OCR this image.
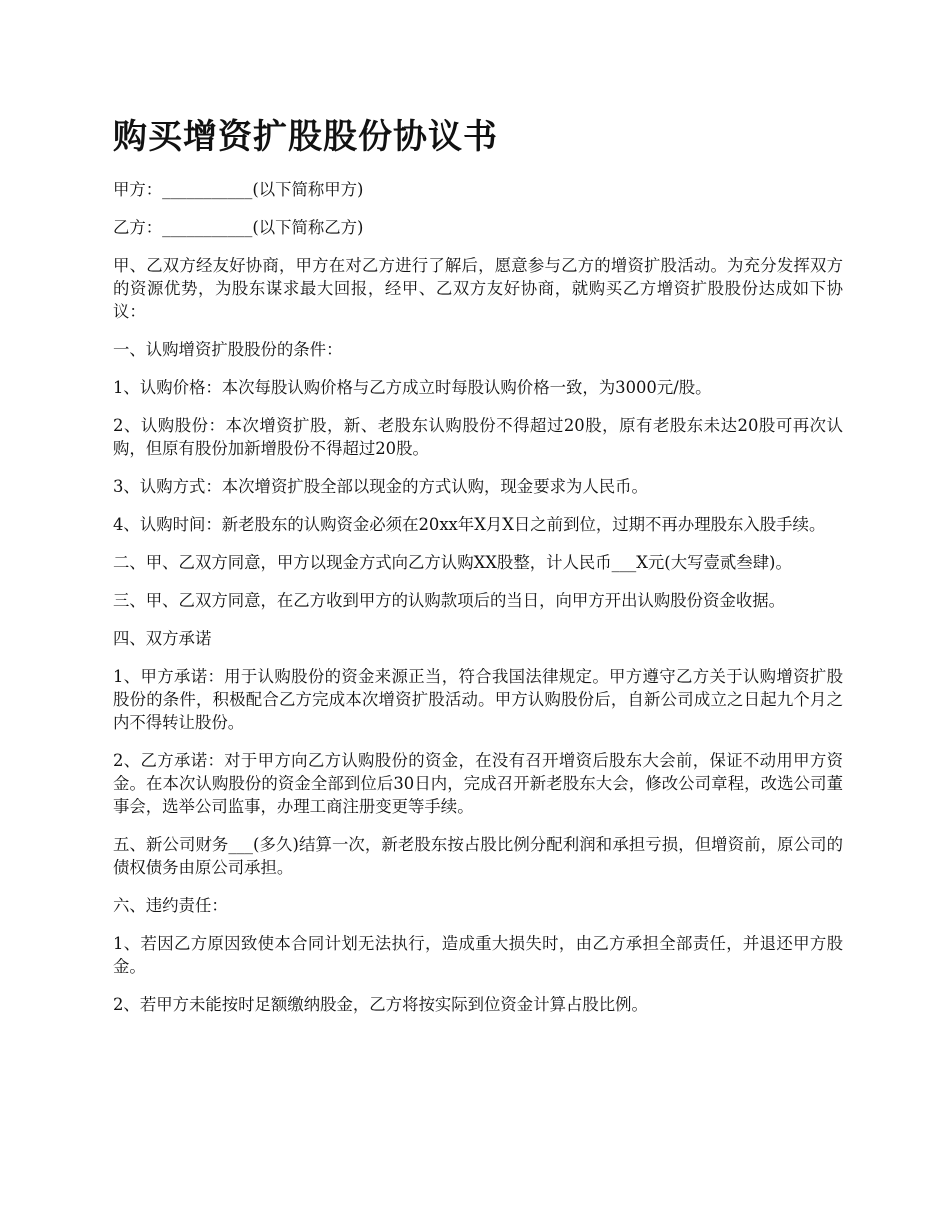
购买增资扩股股份协议书

甲方：___________(以下简称甲方)

乙方：___________(以下简称乙方)

甲、乙双方经友好协商，甲方在对乙方进行了解后，愿意参与乙方的增资扩股活动。为充分发挥双方的资源优势，为股东谋求最大回报，经甲、乙双方友好协商，就购买乙方增资扩股股份达成如下协议：

一、认购增资扩股股份的条件：

1、认购价格：本次每股认购价格与乙方成立时每股认购价格一致，为3000元/股。

2、认购股份：本次增资扩股，新、老股东认购股份不得超过20股，原有老股东未达20股可再次认购，但原有股份加新增股份不得超过20股。

3、认购方式：本次增资扩股全部以现金的方式认购，现金要求为人民币。

4、认购时间：新老股东的认购资金必须在20xx年X月X日之前到位，过期不再办理股东入股手续。

二、甲、乙双方同意，甲方以现金方式向乙方认购XX股整，计人民币___X元(大写壹贰叁肆)。

三、甲、乙双方同意，在乙方收到甲方的认购款项后的当日，向甲方开出认购股份资金收据。

四、双方承诺

1、甲方承诺：用于认购股份的资金来源正当，符合我国法律规定。甲方遵守乙方关于认购增资扩股股份的条件，积极配合乙方完成本次增资扩股活动。甲方认购股份后，自新公司成立之日起九个月之内不得转让股份。

2、乙方承诺：对于甲方向乙方认购股份的资金，在没有召开增资后股东大会前，保证不动用甲方资金。在本次认购股份的资金全部到位后30日内，完成召开新老股东大会，修改公司章程，改选公司董事会，选举公司监事，办理工商注册变更等手续。

五、新公司财务___(多久)结算一次，新老股东按占股比例分配利润和承担亏损，但增资前，原公司的债权债务由原公司承担。

六、违约责任：

1、若因乙方原因致使本合同计划无法执行，造成重大损失时，由乙方承担全部责任，并退还甲方股金。

2、若甲方未能按时足额缴纳股金，乙方将按实际到位资金计算占股比例。
